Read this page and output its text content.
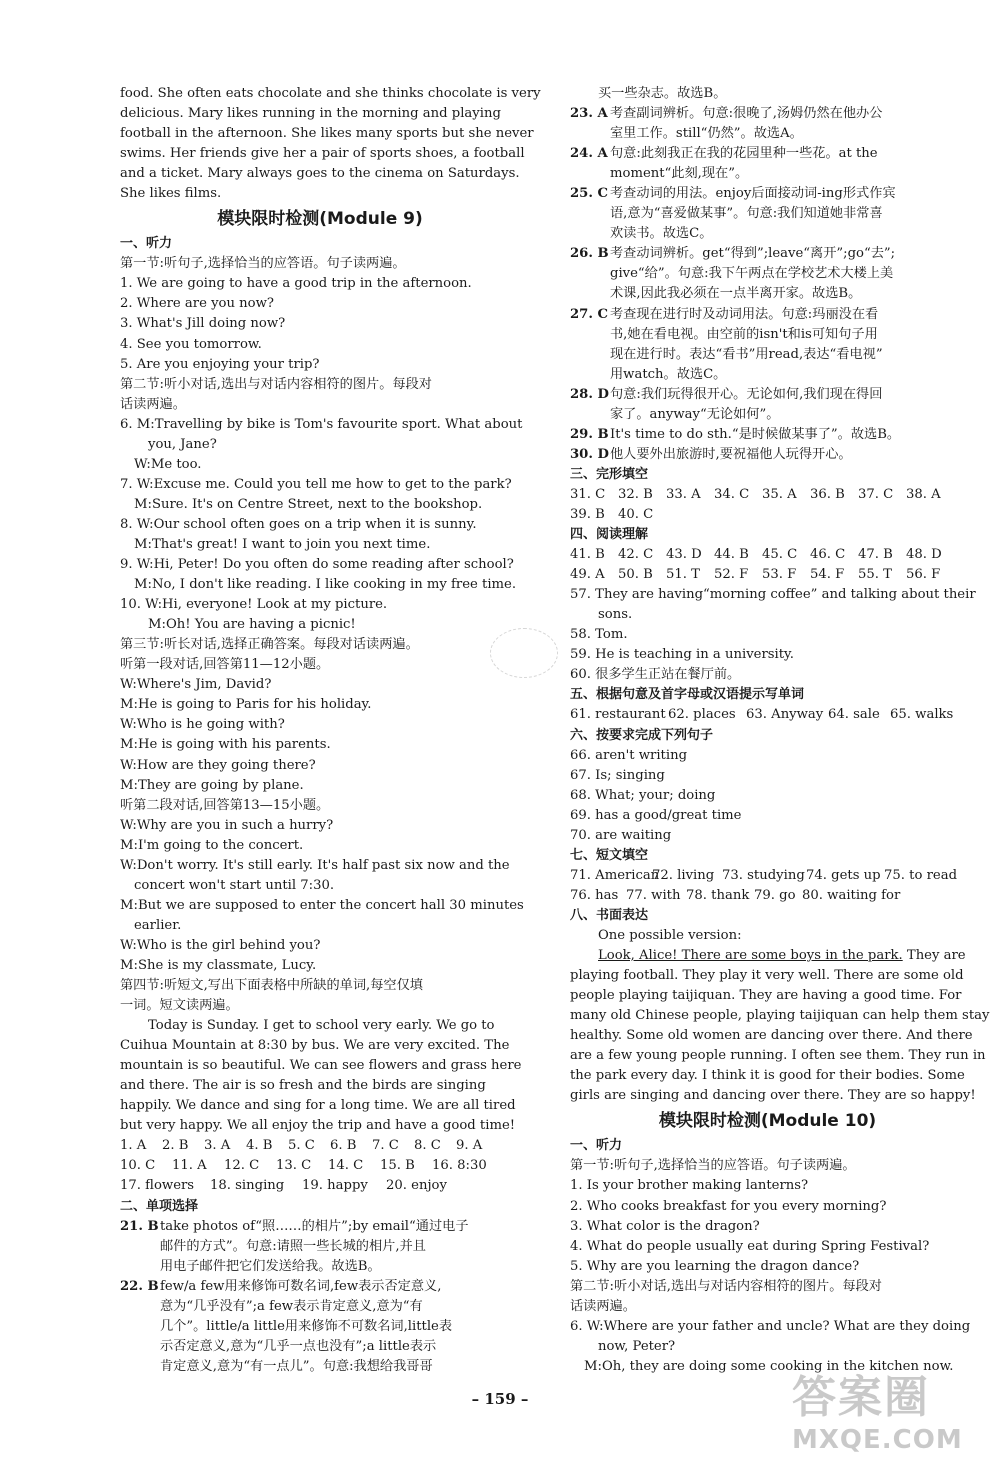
food. She often eats chocolate and she thinks chocolate is very
delicious. Mary likes running in the morning and playing
football in the afternoon. She likes many sports but she never
swims. Her friends give her a pair of sports shoes, a football
and a ticket. Mary always goes to the cinema on Saturdays.
She likes films.
模块限时检测(Module 9)
一、听力
第一节:听句子,选择恰当的应答语。句子读两遍。
1. We are going to have a good trip in the afternoon.
2. Where are you now?
3. What's Jill doing now?
4. See you tomorrow.
5. Are you enjoying your trip?
第二节:听小对话,选出与对话内容相符的图片。每段对
话读两遍。
6. M:Travelling by bike is Tom's favourite sport. What about
you, Jane?
W:Me too.
7. W:Excuse me. Could you tell me how to get to the park?
M:Sure. It's on Centre Street, next to the bookshop.
8. W:Our school often goes on a trip when it is sunny.
M:That's great! I want to join you next time.
9. W:Hi, Peter! Do you often do some reading after school?
M:No, I don't like reading. I like cooking in my free time.
10. W:Hi, everyone! Look at my picture.
M:Oh! You are having a picnic!
第三节:听长对话,选择正确答案。每段对话读两遍。
听第一段对话,回答第11—12小题。
W:Where's Jim, David?
M:He is going to Paris for his holiday.
W:Who is he going with?
M:He is going with his parents.
W:How are they going there?
M:They are going by plane.
听第二段对话,回答第13—15小题。
W:Why are you in such a hurry?
M:I'm going to the concert.
W:Don't worry. It's still early. It's half past six now and the
concert won't start until 7:30.
M:But we are supposed to enter the concert hall 30 minutes
earlier.
W:Who is the girl behind you?
M:She is my classmate, Lucy.
第四节:听短文,写出下面表格中所缺的单词,每空仅填
一词。短文读两遍。
Today is Sunday. I get to school very early. We go to
Cuihua Mountain at 8:30 by bus. We are very excited. The
mountain is so beautiful. We can see flowers and grass here
and there. The air is so fresh and the birds are singing
happily. We dance and sing for a long time. We are all tired
but very happy. We all enjoy the trip and have a good time!
1. A	2. B	3. A	4. B	5. C	6. B	7. C	8. C	9. A
10. C	11. A	12. C	13. C	14. C	15. B	16. 8:30
17. flowers	18. singing	19. happy	20. enjoy
二、单项选择
21. B take photos of“照……的相片”;by email“通过电子
邮件的方式”。句意:请照一些长城的相片,并且
用电子邮件把它们发送给我。故选B。
22. B few/a few用来修饰可数名词,few表示否定意义,
意为“几乎没有”;a few表示肯定意义,意为“有
几个”。little/a little用来修饰不可数名词,little表
示否定意义,意为“几乎一点也没有”;a little表示
肯定意义,意为“有一点儿”。句意:我想给我哥哥
买一些杂志。故选B。
23. A 考查副词辨析。句意:很晚了,汤姆仍然在他办公
室里工作。still“仍然”。故选A。
24. A 句意:此刻我正在我的花园里种一些花。at the
moment“此刻,现在”。
25. C 考查动词的用法。enjoy后面接动词-ing形式作宾
语,意为“喜爱做某事”。句意:我们知道她非常喜
欢读书。故选C。
26. B 考查动词辨析。get“得到”;leave“离开”;go“去”;
give“给”。句意:我下午两点在学校艺术大楼上美
术课,因此我必须在一点半离开家。故选B。
27. C 考查现在进行时及动词用法。句意:玛丽没在看
书,她在看电视。由空前的isn't和is可知句子用
现在进行时。表达“看书”用read,表达“看电视”
用watch。故选C。
28. D 句意:我们玩得很开心。无论如何,我们现在得回
家了。anyway“无论如何”。
29. B It's time to do sth.“是时候做某事了”。故选B。
30. D 他人要外出旅游时,要祝福他人玩得开心。
三、完形填空
31. C 32. B 33. A	34. C 35. A	36. B 37. C 38. A
39. B 40. C
四、阅读理解
41. B 42. C 43. D 44. B 45. C 46. C 47. B 48. D
49. A	50. B 51. T	52. F	53. F	54. F	55. T	56. F
57. They are having“morning coffee” and talking about their
sons.
58. Tom.
59. He is teaching in a university.
60. 很多学生正站在餐厅前。
五、根据句意及首字母或汉语提示写单词
61. restaurant 62. places 63. Anyway 64. sale 65. walks
六、按要求完成下列句子
66. aren't writing
67. Is; singing
68. What; your; doing
69. has a good/great time
70. are waiting
七、短文填空
71. American
72. living 73. studying 74. gets up 75. to read
76. has 77. with 78. thank 79. go 80. waiting for
八、书面表达
One possible version:
Look, Alice! There are some boys in the park. They are
playing football. They play it very well. There are some old
people playing taijiquan. They are having a good time. For
many old Chinese people, playing taijiquan can help them stay
healthy. Some old women are dancing over there. And there
are a few young people running. I often see them. They run in
the park every day. I think it is good for their bodies. Some
girls are singing and dancing over there. They are so happy!
模块限时检测(Module 10)
一、听力
第一节:听句子,选择恰当的应答语。句子读两遍。
1. Is your brother making lanterns?
2. Who cooks breakfast for you every morning?
3. What color is the dragon?
4. What do people usually eat during Spring Festival?
5. Why are you learning the dragon dance?
第二节:听小对话,选出与对话内容相符的图片。每段对
话读两遍。
6. W:Where are your father and uncle? What are they doing
now, Peter?
M:Oh, they are doing some cooking in the kitchen now.
– 159 –	答案圈
MXQE.COM
